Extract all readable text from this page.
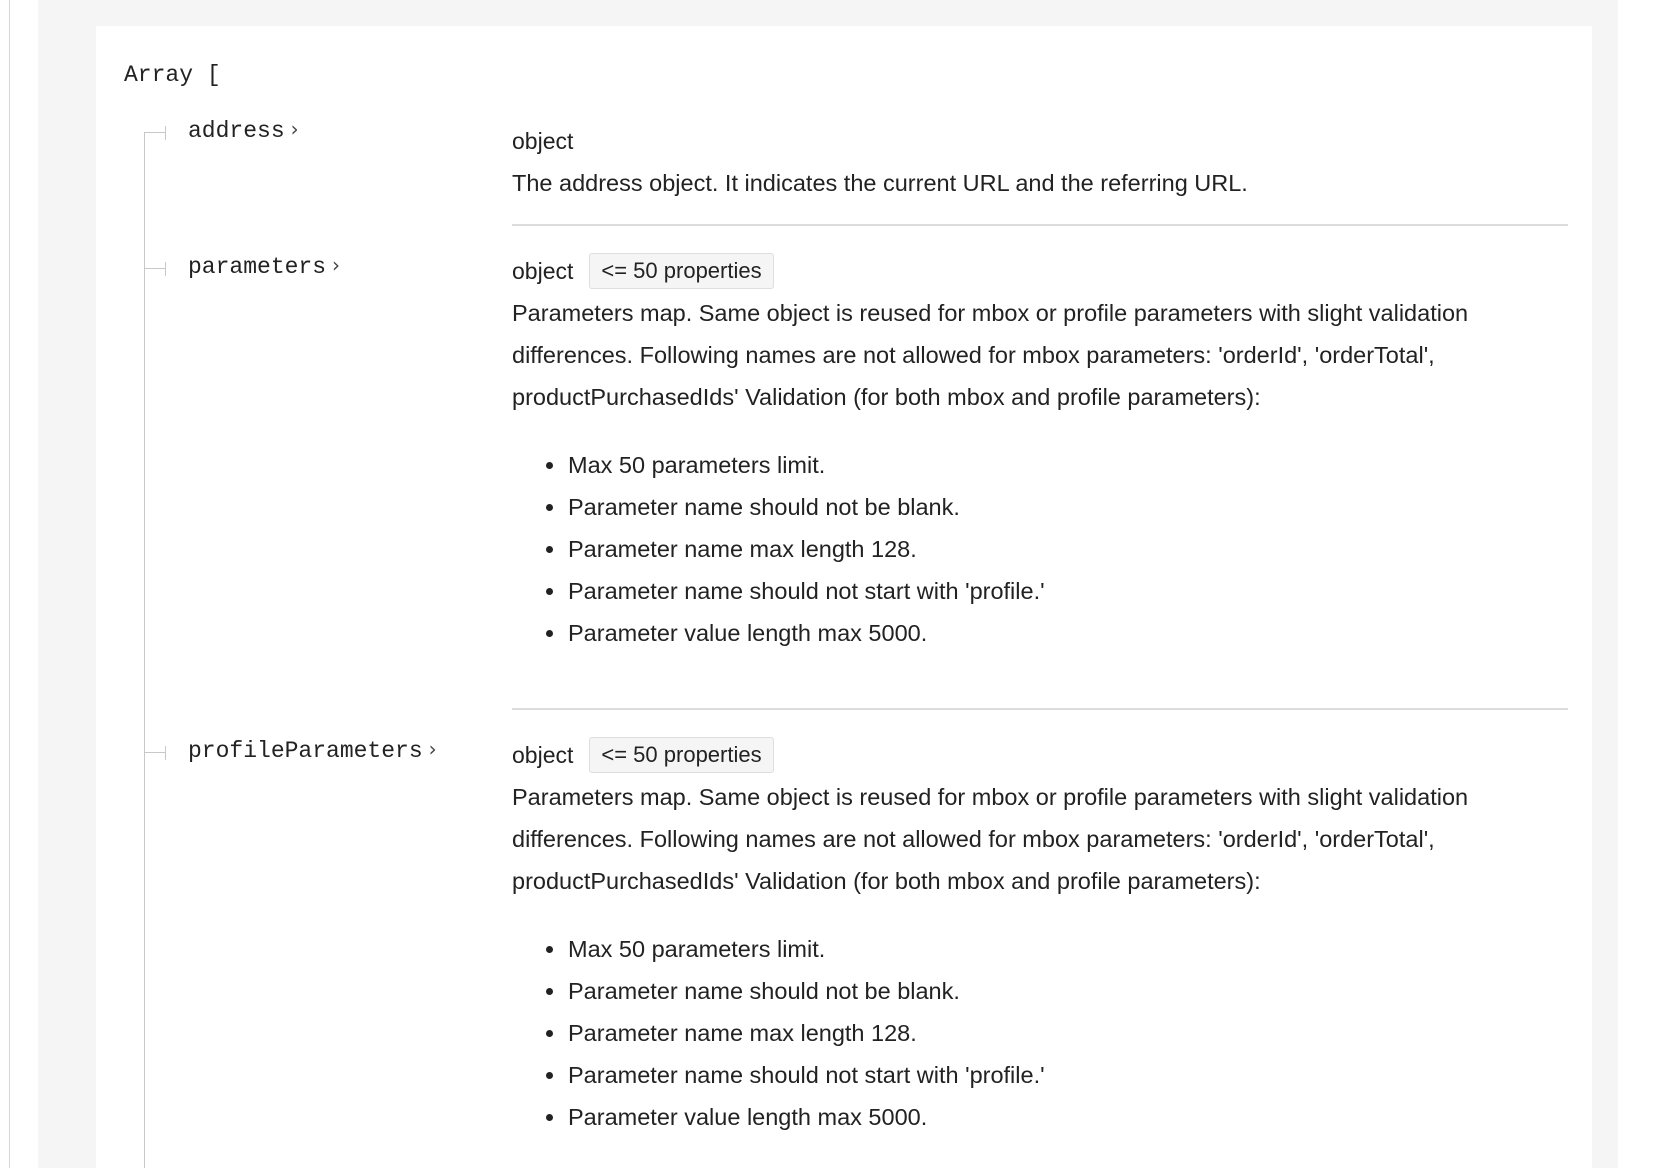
Array [
address ›	object

The address object. It indicates the current URL and the referring URL.

parameters ›	object	<= 50 properties

Parameters map. Same object is reused for mbox or profile parameters with slight validation differences. Following names are not allowed for mbox parameters: 'orderId', 'orderTotal', productPurchasedIds' Validation (for both mbox and profile parameters):

Max 50 parameters limit.
Parameter name should not be blank.
Parameter name max length 128.
Parameter name should not start with 'profile.'
Parameter value length max 5000.
profileParameters ›	object	<= 50 properties

Parameters map. Same object is reused for mbox or profile parameters with slight validation differences. Following names are not allowed for mbox parameters: 'orderId', 'orderTotal', productPurchasedIds' Validation (for both mbox and profile parameters):

Max 50 parameters limit.
Parameter name should not be blank.
Parameter name max length 128.
Parameter name should not start with 'profile.'
Parameter value length max 5000.
